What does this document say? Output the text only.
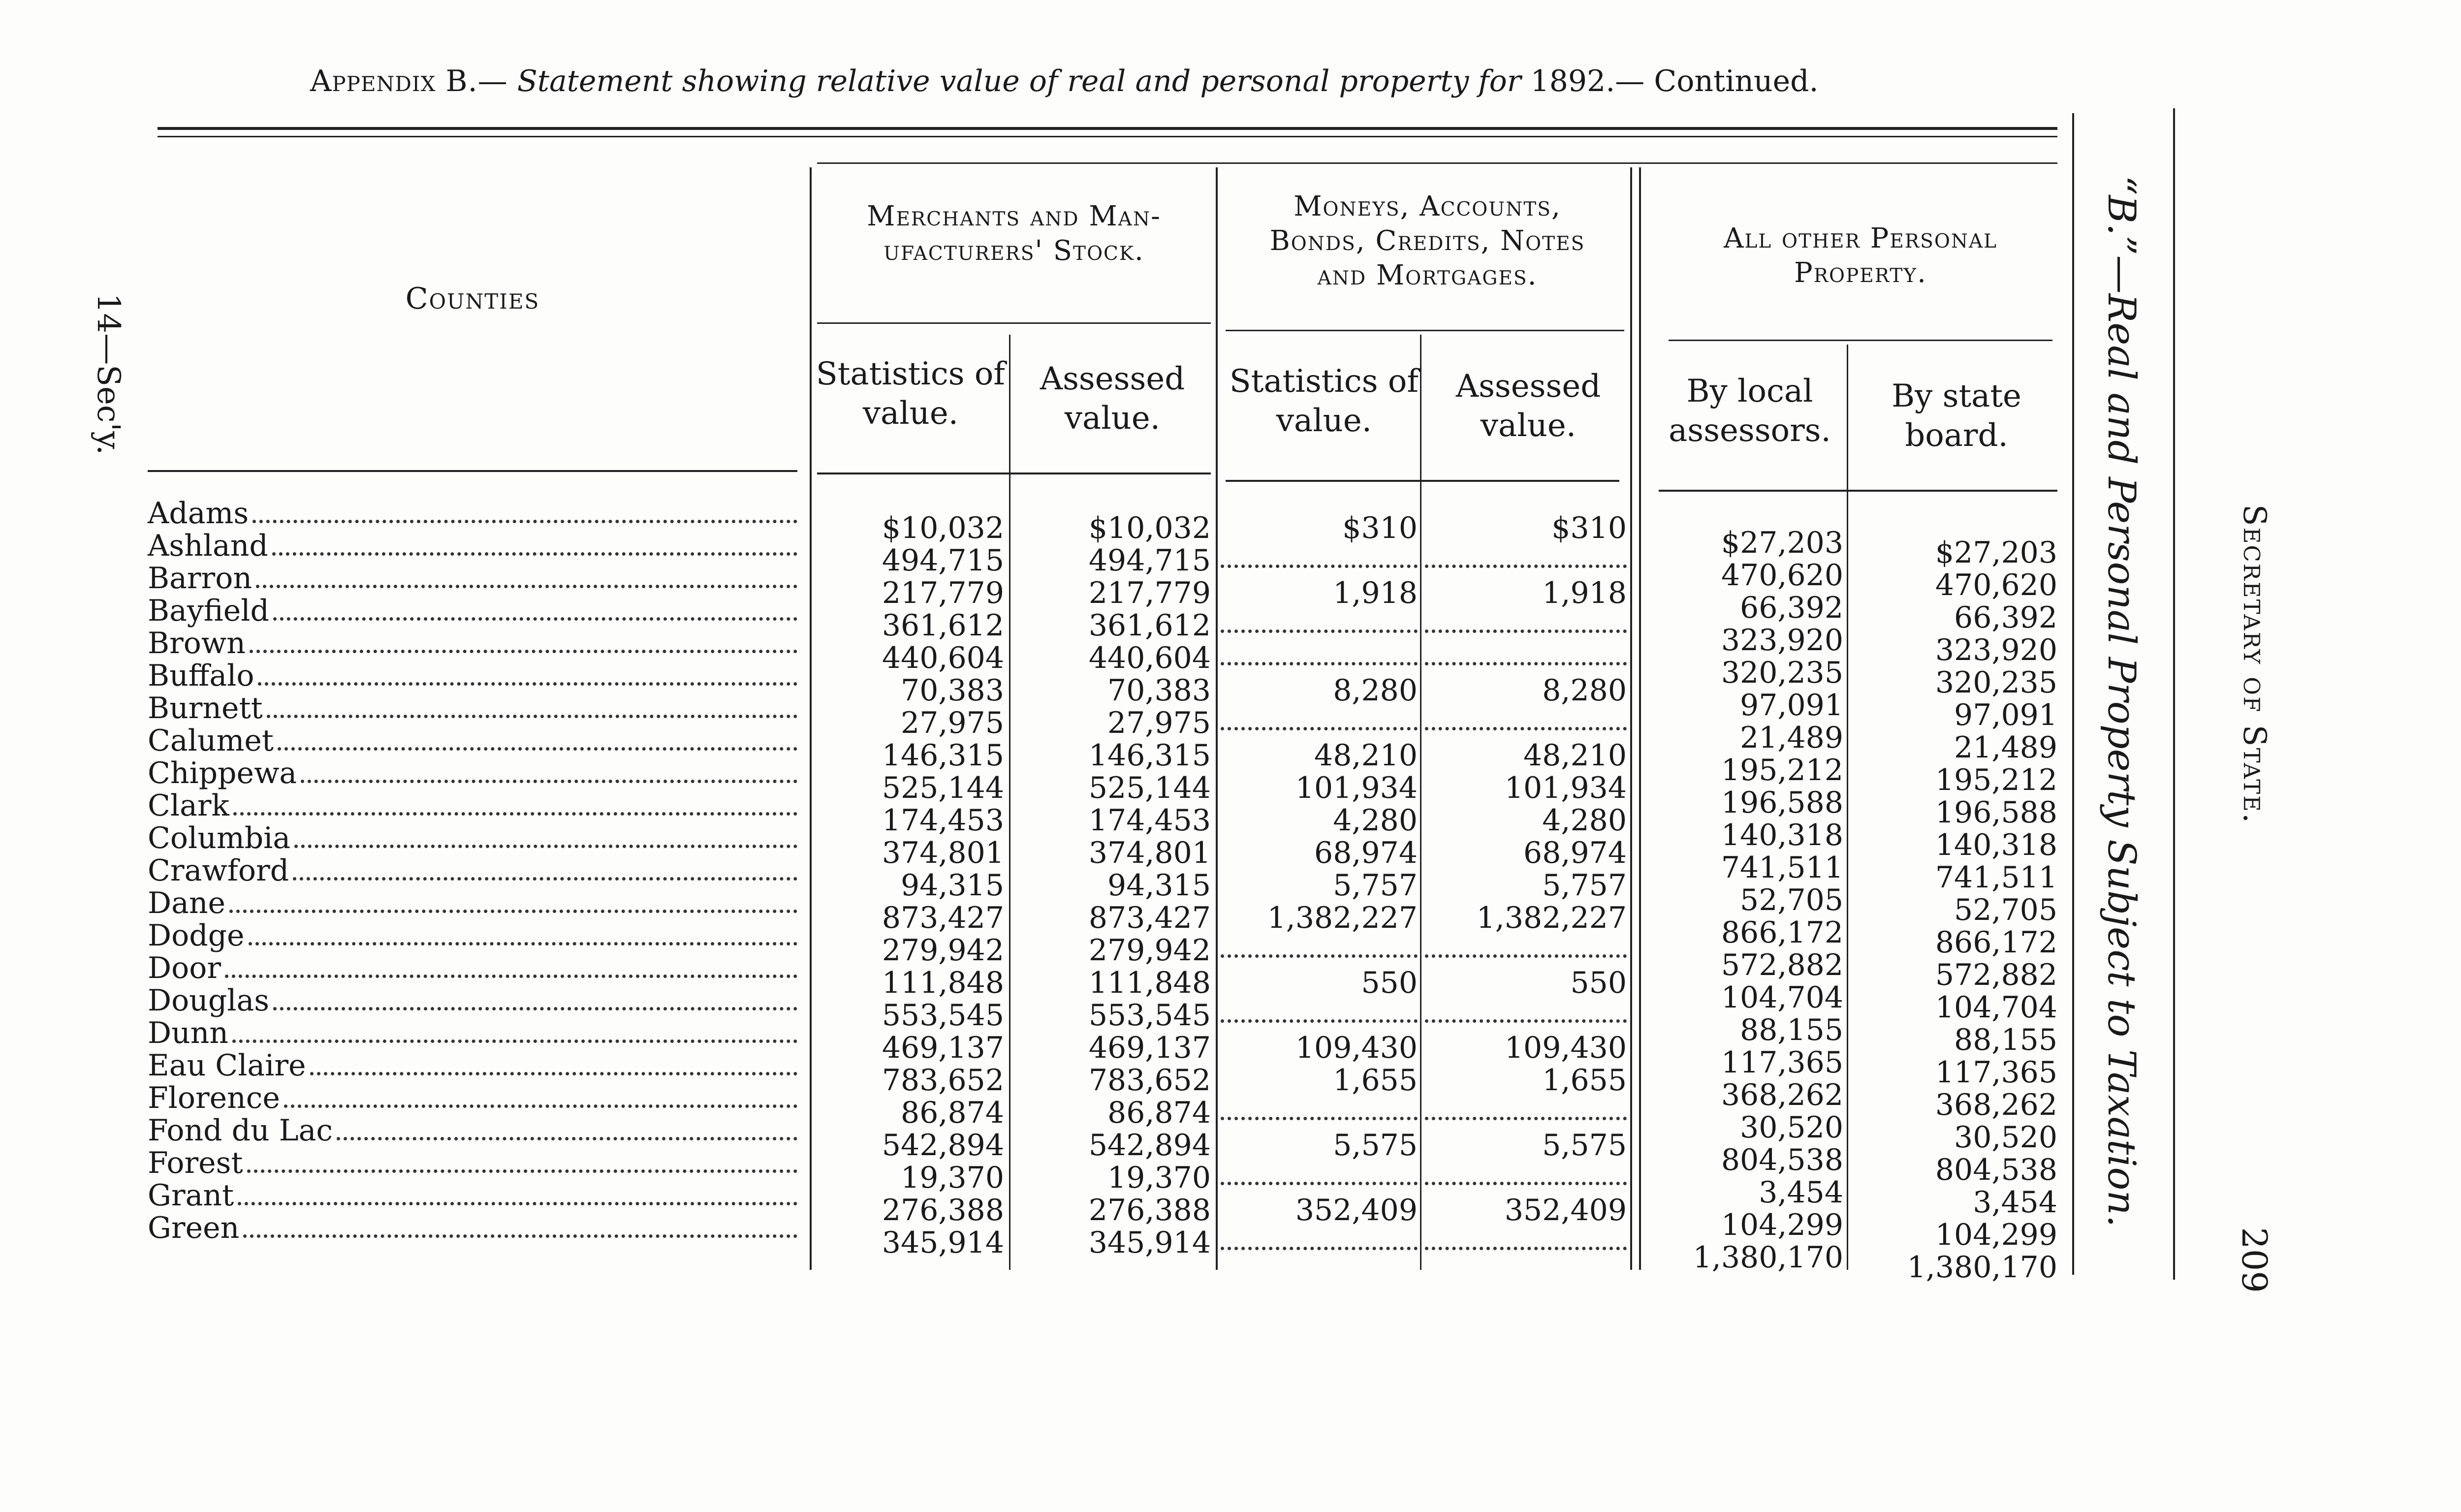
Appendix B.— Statement showing relative value of real and personal property for 1892.— Continued.
14—Sec'y.	Counties
Merchants and Man-
ufacturers' Stock.
Statistics of
value.
Assessed
value.
Moneys, Accounts,
Bonds, Credits, Notes
and Mortgages.
Statistics of
value.
Assessed
value.
All other Personal
Property.
By local
assessors.
By state
board.
Adams
Ashland
Barron
Bayfield
Brown
Buffalo
Burnett
Calumet
Chippewa
Clark
Columbia
Crawford
Dane
Dodge
Door
Douglas
Dunn
Eau Claire
Florence
Fond du Lac
Forest
Grant
Green
$10,032
494,715
217,779
361,612
440,604
70,383
27,975
146,315
525,144
174,453
374,801
94,315
873,427
279,942
111,848
553,545
469,137
783,652
86,874
542,894
19,370
276,388
345,914
$10,032
494,715
217,779
361,612
440,604
70,383
27,975
146,315
525,144
174,453
374,801
94,315
873,427
279,942
111,848
553,545
469,137
783,652
86,874
542,894
19,370
276,388
345,914
$310
1,918
8,280
48,210
101,934
4,280
68,974
5,757
1,382,227
550
109,430
1,655
5,575
352,409
$310
1,918
8,280
48,210
101,934
4,280
68,974
5,757
1,382,227
550
109,430
1,655
5,575
352,409
$27,203
470,620
66,392
323,920
320,235
97,091
21,489
195,212
196,588
140,318
741,511
52,705
866,172
572,882
104,704
88,155
117,365
368,262
30,520
804,538
3,454
104,299
1,380,170
$27,203
470,620
66,392
323,920
320,235
97,091
21,489
195,212
196,588
140,318
741,511
52,705
866,172
572,882
104,704
88,155
117,365
368,262
30,520
804,538
3,454
104,299
1,380,170
“B.”—Real and Personal Property Subject to Taxation.	Secretary of State.
209
